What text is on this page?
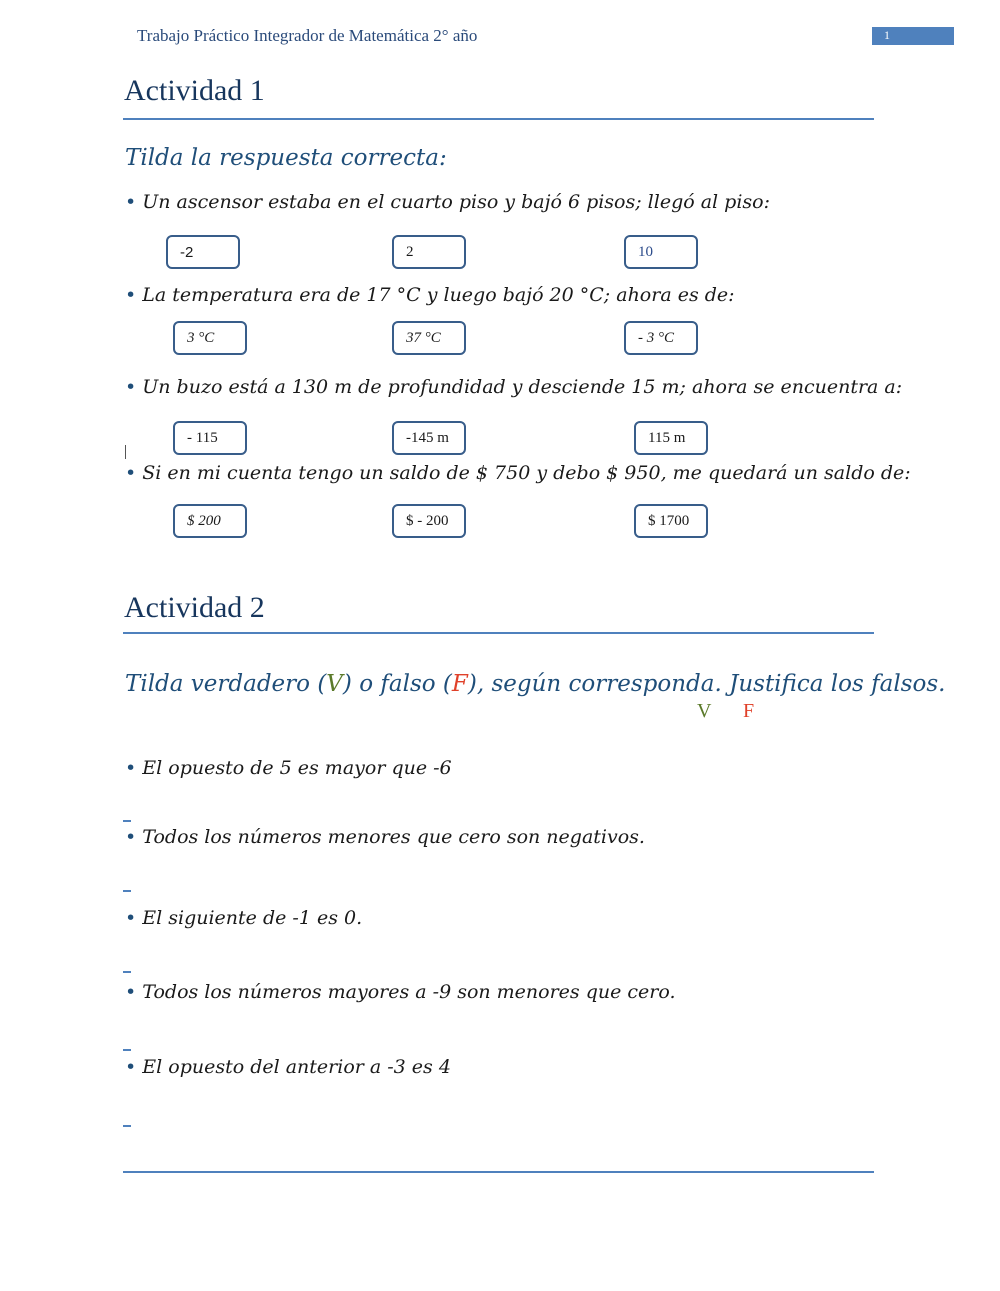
Trabajo Práctico Integrador de Matemática 2° año	1
Actividad 1
Tilda la respuesta correcta:
• Un ascensor estaba en el cuarto piso y bajó 6 pisos; llegó al piso:
-2	2	10
• La temperatura era de 17 °C y luego bajó 20 °C; ahora es de:
3 °C	37 °C	- 3 °C
• Un buzo está a 130 m de profundidad y desciende 15 m; ahora se encuentra a:
- 115	-145 m	115 m
• Si en mi cuenta tengo un saldo de $ 750 y debo $ 950, me quedará un saldo de:
$ 200	$ - 200	$ 1700
Actividad 2
Tilda verdadero (V) o falso (F), según corresponda. Justifica los falsos.
V F
• El opuesto de 5 es mayor que -6
• Todos los números menores que cero son negativos.
• El siguiente de -1 es 0.
• Todos los números mayores a -9 son menores que cero.
• El opuesto del anterior a -3 es 4
